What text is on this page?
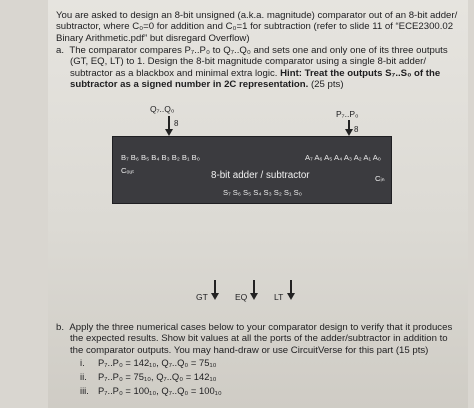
You are asked to design an 8-bit unsigned (a.k.a. magnitude) comparator out of an 8-bit adder/
subtractor, where C₀=0 for addition and C₀=1 for subtraction (refer to slide 11 of “ECE2300.02
Binary Arithmetic.pdf” but disregard Overflow)
a. The comparator compares P₇..P₀ to Q₇..Q₀ and sets one and only one of its three outputs
(GT, EQ, LT) to 1. Design the 8-bit magnitude comparator using a single 8-bit adder/
subtractor as a blackbox and minimal extra logic. Hint: Treat the outputs S₇..S₀ of the
subtractor as a signed number in 2C representation. (25 pts)
Q₇..Q₀
8
P₇..P₀
8
B₇ B₆ B₅ B₄ B₃ B₂ B₁ B₀	A₇ A₆ A₅ A₄ A₃ A₂ A₁ A₀
Cₒᵤₜ	8-bit adder / subtractor	Cᵢₙ
S₇ S₆ S₅ S₄ S₃ S₂ S₁ S₀
GT	EQ	LT
b. Apply the three numerical cases below to your comparator design to verify that it produces
the expected results. Show bit values at all the ports of the adder/subtractor in addition to
the comparator outputs. You may hand-draw or use CircuitVerse for this part (15 pts)
i. P₇..P₀ = 142₁₀, Q₇..Q₀ = 75₁₀
ii. P₇..P₀ = 75₁₀, Q₇..Q₀ = 142₁₀
iii. P₇..P₀ = 100₁₀, Q₇..Q₀ = 100₁₀
